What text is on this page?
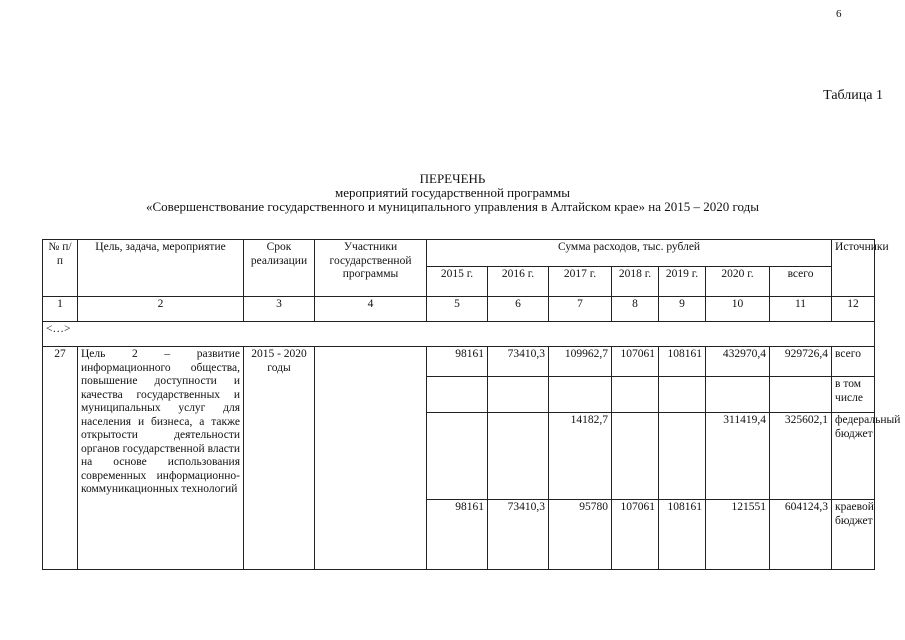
6
Таблица 1
ПЕРЕЧЕНЬ
мероприятий государственной программы
«Совершенствование государственного и муниципального управления в Алтайском крае» на 2015 – 2020 годы
№ п/п	Цель, задача, мероприятие	Срок реализации	Участники государственной программы	Сумма расходов, тыс. рублей							Источники
				2015 г.	2016 г.	2017 г.	2018 г.	2019 г.	2020 г.	всего	
1	2	3	4	5	6	7	8	9	10	11	12
<…>											
27	Цель 2 – развитие информационного общества, повышение доступности и качества государственных и муниципальных услуг для населения и бизнеса, а также открытости деятельности органов государственной власти на основе использования современных информационно-коммуникационных технологий	2015 - 2020 годы		98161	73410,3	109962,7	107061	108161	432970,4	929726,4	всего
											в том числе
						14182,7			311419,4	325602,1	федеральный бюджет
				98161	73410,3	95780	107061	108161	121551	604124,3	краевой бюджет
